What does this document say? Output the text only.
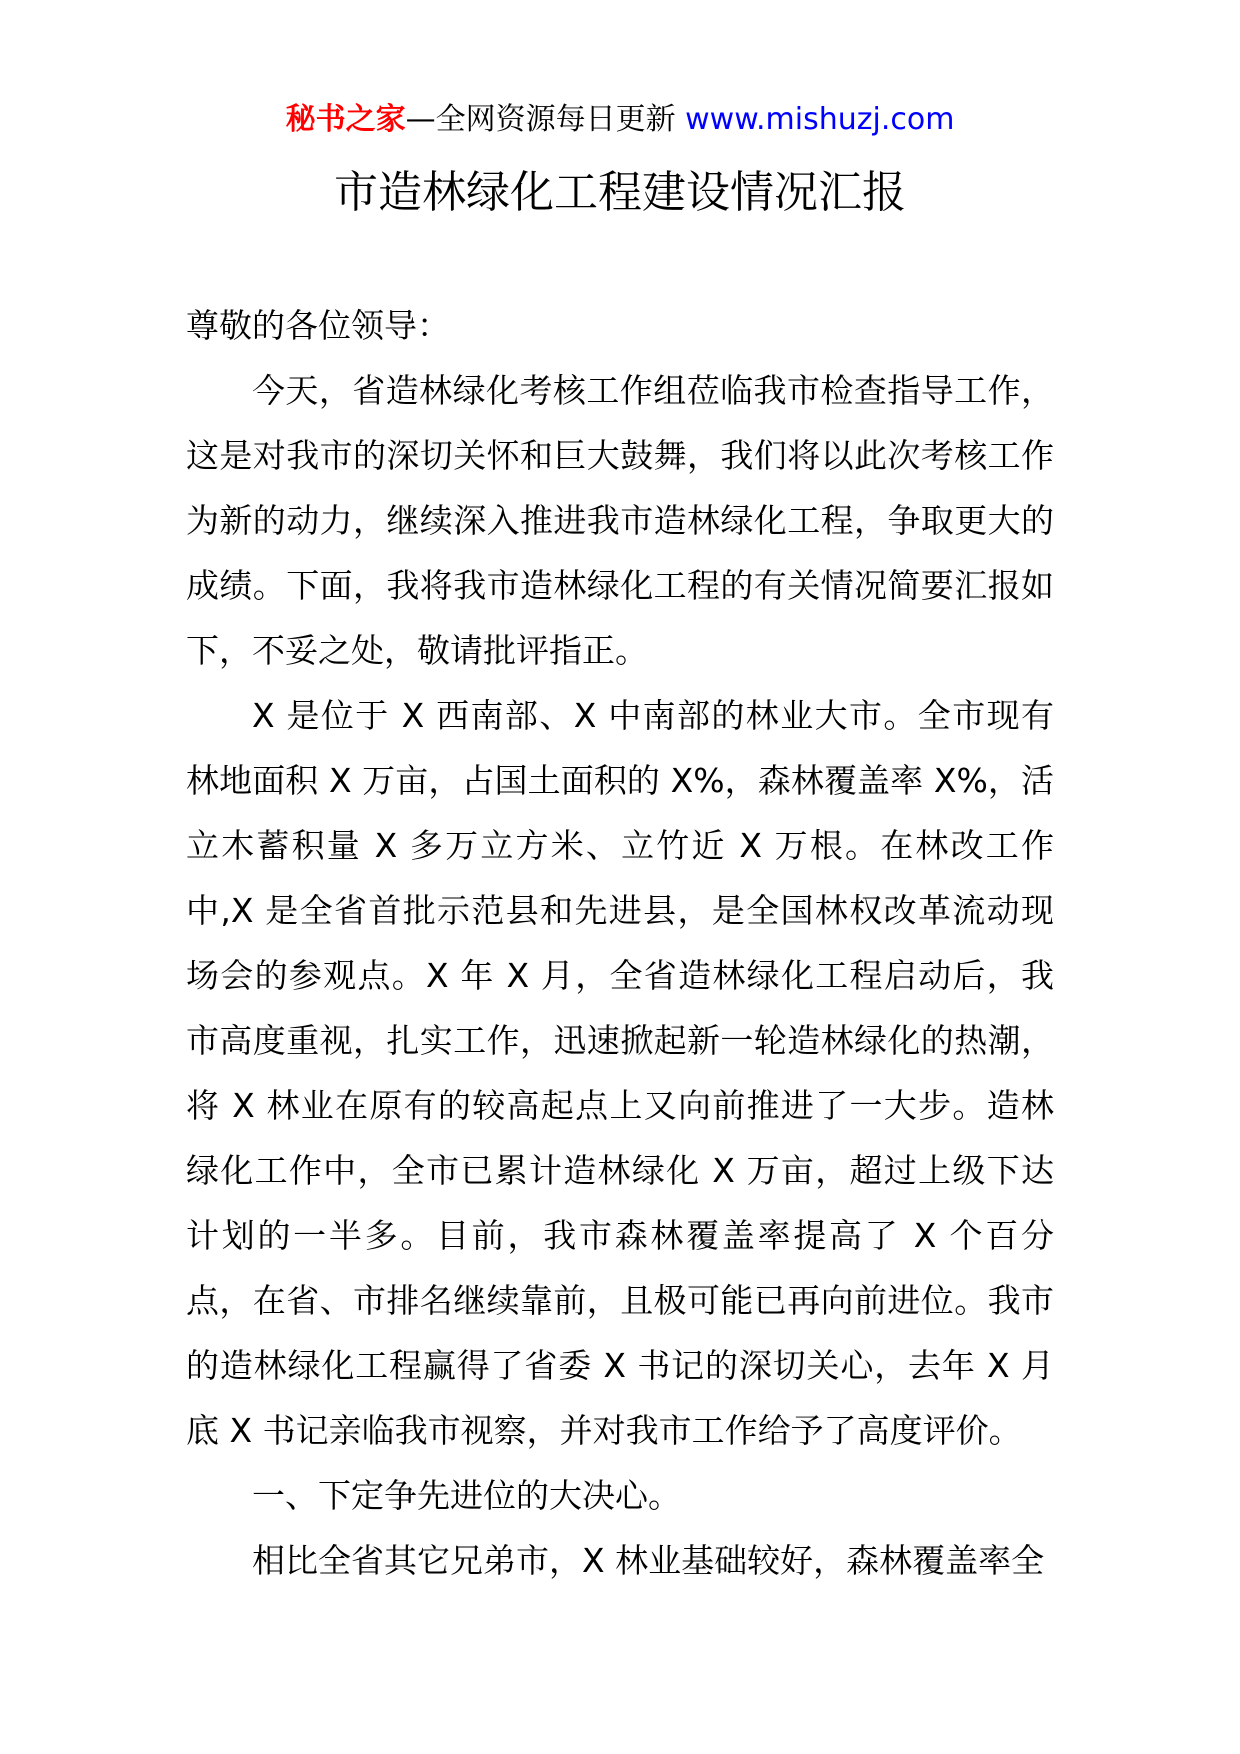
秘书之家—全网资源每日更新 www.mishuzj.com
市造林绿化工程建设情况汇报

尊敬的各位领导：

今天，省造林绿化考核工作组莅临我市检查指导工作，这是对我市的深切关怀和巨大鼓舞，我们将以此次考核工作为新的动力，继续深入推进我市造林绿化工程，争取更大的成绩。下面，我将我市造林绿化工程的有关情况简要汇报如下，不妥之处，敬请批评指正。

X 是位于 X 西南部、X 中南部的林业大市。全市现有林地面积 X 万亩，占国土面积的 X%，森林覆盖率 X%，活立木蓄积量 X 多万立方米、立竹近 X 万根。在林改工作中,X 是全省首批示范县和先进县，是全国林权改革流动现场会的参观点。X 年 X 月，全省造林绿化工程启动后，我市高度重视，扎实工作，迅速掀起新一轮造林绿化的热潮，将 X 林业在原有的较高起点上又向前推进了一大步。造林绿化工作中，全市已累计造林绿化 X 万亩，超过上级下达计划的一半多。目前，我市森林覆盖率提高了 X 个百分点，在省、市排名继续靠前，且极可能已再向前进位。我市的造林绿化工程赢得了省委 X 书记的深切关心，去年 X 月底 X 书记亲临我市视察，并对我市工作给予了高度评价。

一、下定争先进位的大决心。

相比全省其它兄弟市，X 林业基础较好，森林覆盖率全
